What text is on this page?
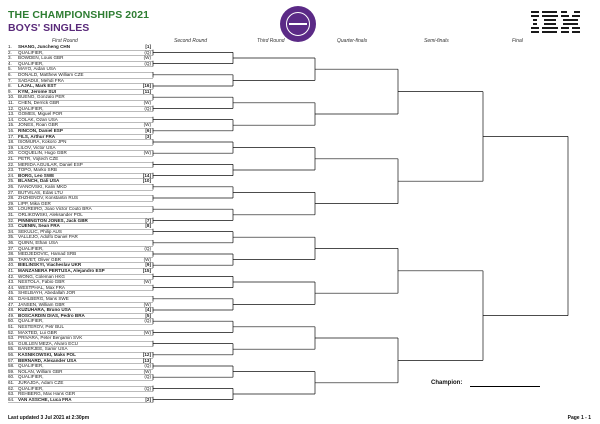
THE CHAMPIONSHIPS 2021
BOYS' SINGLES
First Round	Second Round	Third Round	Quarter-finals	Semi-finals	Final
1.	SHANG, Juncheng CHN	[1]
2.	QUALIFIER,	(Q)
3.	BOWDEN, Louis GBR	(W)
4.	QUALIFIER,	(Q)
5.	MAYO, Aidan USA
6.	DONALD, Matthew William CZE
7.	SADADUI, Mehdi FRA
8.	LAJAL, Mark EST	[16]
9.	KYM, Jerome SUI	[11]
10. BUENO, Gonzalo PER
11. CHEN, Derrick GBR	(W)
12. QUALIFIER,	(Q)
13. GOMES, Miguel POR
14. COLAK, Ozan USA
15. JONES, Roan GBR	(W)
16. RINCON, Daniel ESP	[6]
17. FILS, Arthur FRA	[3]
18. ISOMURA, Kokoro JPN
19. LILOV, Victor USA
20. COQUELIN, Hugo GBR	(W)
21. PETR, Vojtech CZE
22. MERIDA AGUILAR, Daniel ESP
23. TOPO, Marko SRB
24. BORG, Leo SWE	[14]
25. BLANCH, Dali USA	[10]
26. IVANOVSKI, Kalin MKD
27. BUTVILAS, Edas LTU
28. ZHZHENOV, Konstantin RUS
29. LIPP, Mika GER
30. LOUREIRO, Joao Victor Couto BRA
31. ORLIKOWSKI, Aleksander POL
32. PINNINGTON JONES, Jack GBR	[7]
33. CUENIN, Sean FRA	[8]
34. SEKULIC, Philip AUS
35. VALLEJO, Adolfo Daniel PAR
36. QUINN, Ethan USA
37. QUALIFIER,	(Q)
38. MEDJEDOVIC, Hamad SRB
39. TARVET, Oliver GBR	(W)
40. BIELINSKYI, Viacheslav UKR	[9]
41. MANZANERA PERTUSA, Alejandro ESP	[15]
42. WONG, Coleman HKG
43. NESTOLA, Fabio GBR	(W)
44. WESTPHAL, Max FRA
45. SHELBAYH, Abedallah JOR
46. DAHLBERG, Mans SWE
47. JANSEN, William GBR	(W)
48. KUZUHARA, Bruno USA	[4]
49. BOSCARDIN DIAS, Pedro BRA	[5]
50. QUALIFIER,	(Q)
51. NESTEROV, Petr BUL
52. MAXTED, Lui GBR	(W)
53. PRIVARA, Peter Benjamin SVK
54. GUILLEN MEZA, Alvaro ECU
55. BANERJEE, Samir USA
56. KASNIKOWSKI, Maks POL	[12]
57. BERNARD, Alexander USA	[13]
58. QUALIFIER,	(Q)
59. NOLAN, William GBR	(W)
60. QUALIFIER,	(Q)
61. JURAJDA, Adam CZE
62. QUALIFIER,	(Q)
63. REHBERG, Max Hans GER
64. VAN ASSCHE, Luca FRA	[2]
Champion:
Last updated 3 Jul 2021 at 2:30pm	Page 1 - 1
